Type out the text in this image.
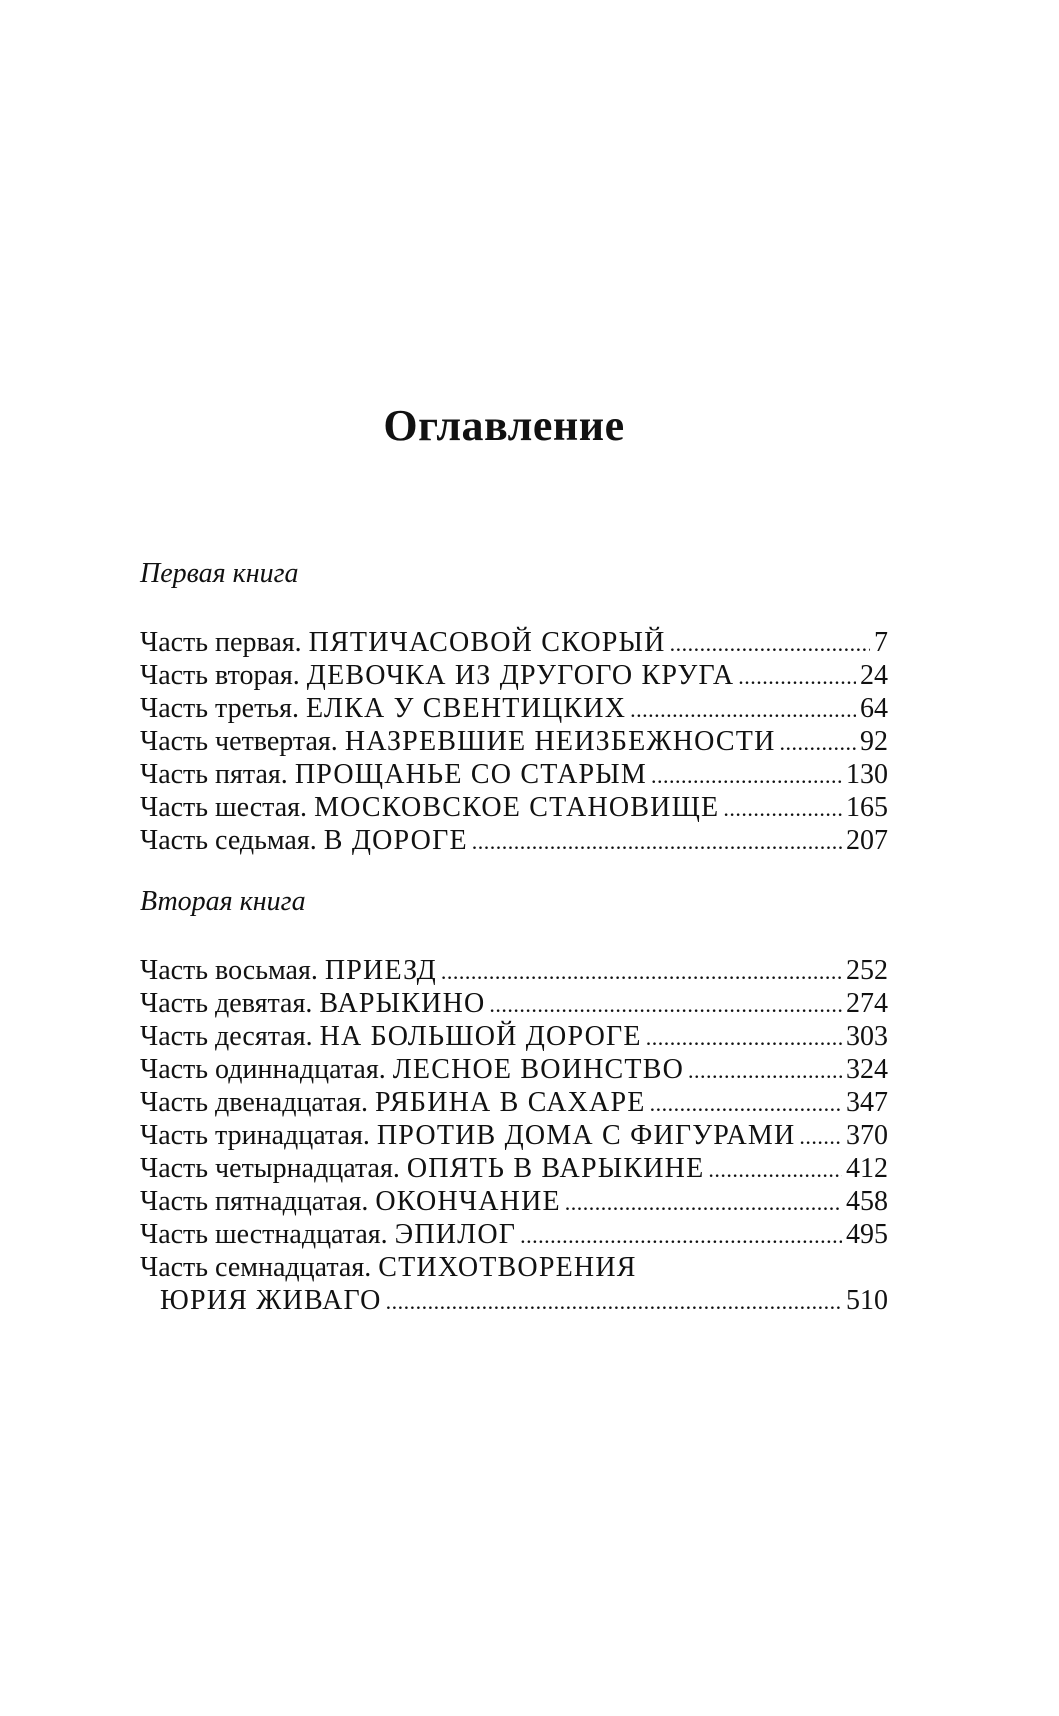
Оглавление
Первая книга
Часть первая. ПЯТИЧАСОВОЙ СКОРЫЙ .....	7
Часть вторая. ДЕВОЧКА ИЗ ДРУГОГО КРУГА .....	24
Часть третья. ЕЛКА У СВЕНТИЦКИХ .....	64
Часть четвертая. НАЗРЕВШИЕ НЕИЗБЕЖНОСТИ .....	92
Часть пятая. ПРОЩАНЬЕ СО СТАРЫМ .....	130
Часть шестая. МОСКОВСКОЕ СТАНОВИЩЕ .....	165
Часть седьмая. В ДОРОГЕ .....	207
Вторая книга
Часть восьмая. ПРИЕЗД .....	252
Часть девятая. ВАРЫКИНО .....	274
Часть десятая. НА БОЛЬШОЙ ДОРОГЕ .....	303
Часть одиннадцатая. ЛЕСНОЕ ВОИНСТВО .....	324
Часть двенадцатая. РЯБИНА В САХАРЕ .....	347
Часть тринадцатая. ПРОТИВ ДОМА С ФИГУРАМИ ..... 370
Часть четырнадцатая. ОПЯТЬ В ВАРЫКИНЕ .....	412
Часть пятнадцатая. ОКОНЧАНИЕ .....	458
Часть шестнадцатая. ЭПИЛОГ .....	495
Часть семнадцатая. СТИХОТВОРЕНИЯ
ЮРИЯ ЖИВАГО .....	510
